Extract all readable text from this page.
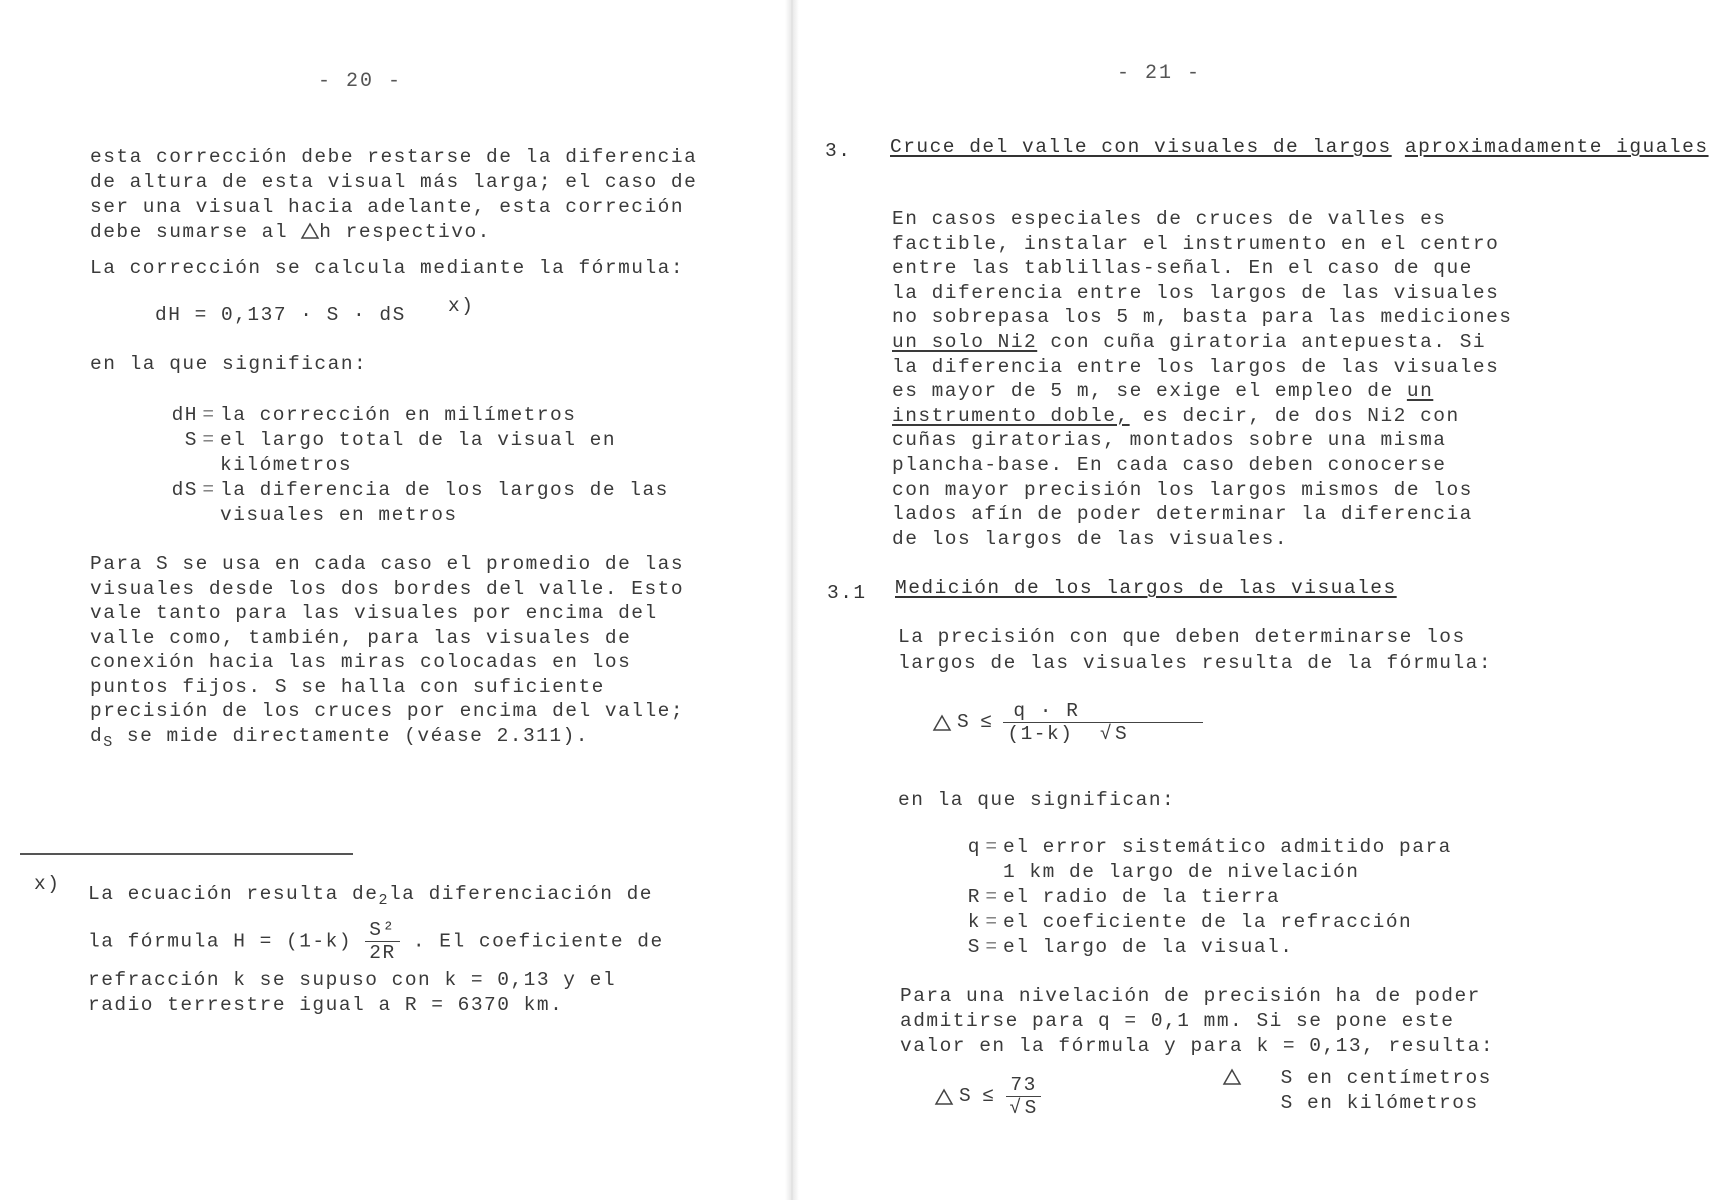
- 20 -
esta corrección debe restarse de la diferencia
de altura de esta visual más larga; el caso de
ser una visual hacia adelante, esta correción
debe sumarse al h respectivo.
La corrección se calcula mediante la fórmula:
dH = 0,137 · S · dS x)
en la que significan:
dH = la corrección en milímetros
S = el largo total de la visual en
kilómetros
dS = la diferencia de los largos de las
visuales en metros
Para S se usa en cada caso el promedio de las
visuales desde los dos bordes del valle. Esto
vale tanto para las visuales por encima del
valle como, también, para las visuales de
conexión hacia las miras colocadas en los
puntos fijos. S se halla con suficiente
precisión de los cruces por encima del valle;
$d_S$ se mide directamente (véase 2.311).
x) La ecuación resulta $de_2la$ diferenciación de
la fórmula $H = (1-k) \frac{\text{S²}}{2R}$ . El coeficiente de
refracción k se supuso con k = 0,13 y el
radio terrestre igual a R = 6370 km.
- 21 -
3. Cruce del valle con visuales de largos aproximadamente iguales
En casos especiales de cruces de valles es
factible, instalar el instrumento en el centro
entre las tablillas-señal. En el caso de que
la diferencia entre los largos de las visuales
no sobrepasa los 5 m, basta para las mediciones
un solo Ni2 con cuña giratoria antepuesta. Si
la diferencia entre los largos de las visuales
es mayor de 5 m, se exige el empleo de un
instrumento doble, es decir, de dos Ni2 con
cuñas giratorias, montados sobre una misma
plancha-base. En cada caso deben conocerse
con mayor precisión los largos mismos de los
lados afín de poder determinar la diferencia
de los largos de las visuales.
3.1 Medición de los largos de las visuales
La precisión con que deben determinarse los
largos de las visuales resulta de la fórmula:
$S \le \frac{q \cdot R}{(1-k) √ S}$
en la que significan:
q = el error sistemático admitido para
1 km de largo de nivelación
R = el radio de la tierra
k = el coeficiente de la refracción
S = el largo de la visual.
Para una nivelación de precisión ha de poder
admitirse para q = 0,1 mm. Si se pone este
valor en la fórmula y para k = 0,13, resulta:
$S \le \frac{73}{√ S}$	S en centímetros
S en kilómetros
